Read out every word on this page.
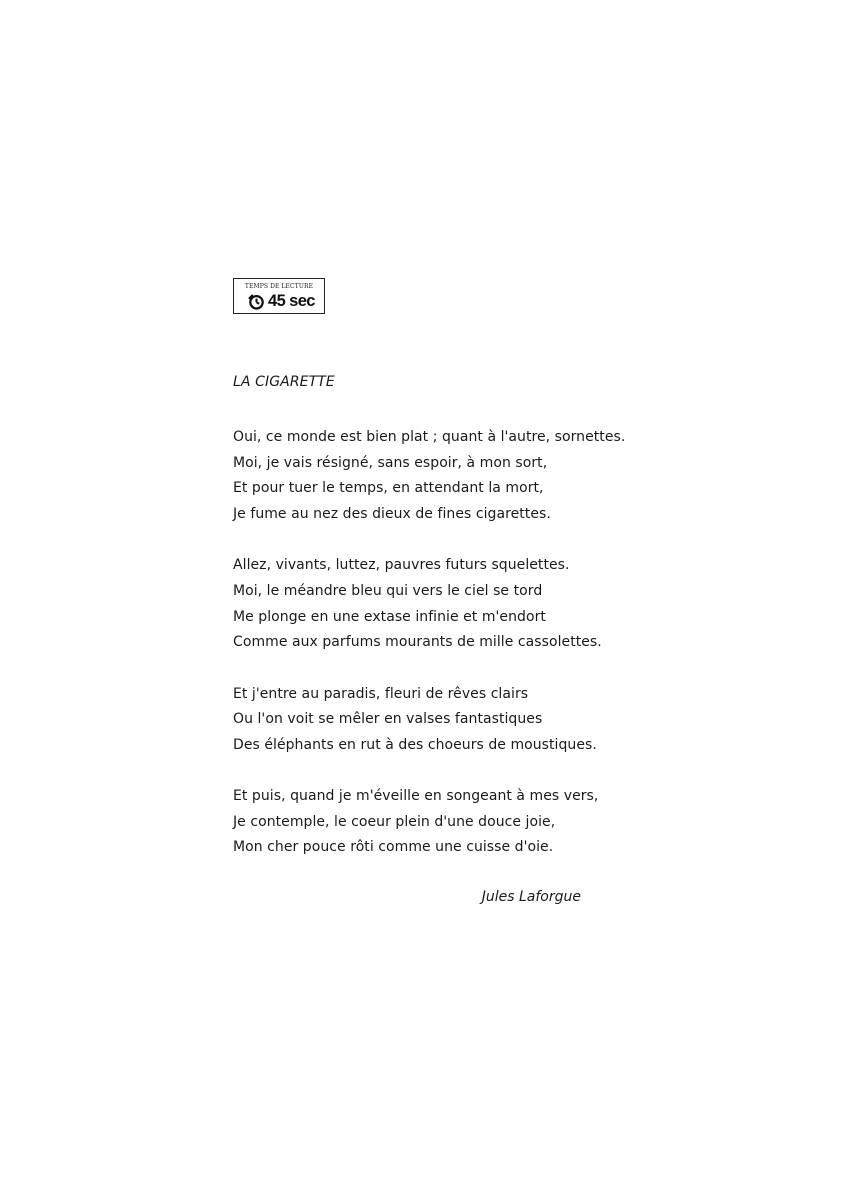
TEMPS DE LECTURE
45 sec
LA CIGARETTE
Oui, ce monde est bien plat ; quant à l'autre, sornettes.
Moi, je vais résigné, sans espoir, à mon sort,
Et pour tuer le temps, en attendant la mort,
Je fume au nez des dieux de fines cigarettes.
Allez, vivants, luttez, pauvres futurs squelettes.
Moi, le méandre bleu qui vers le ciel se tord
Me plonge en une extase infinie et m'endort
Comme aux parfums mourants de mille cassolettes.
Et j'entre au paradis, fleuri de rêves clairs
Ou l'on voit se mêler en valses fantastiques
Des éléphants en rut à des choeurs de moustiques.
Et puis, quand je m'éveille en songeant à mes vers,
Je contemple, le coeur plein d'une douce joie,
Mon cher pouce rôti comme une cuisse d'oie.
Jules Laforgue
